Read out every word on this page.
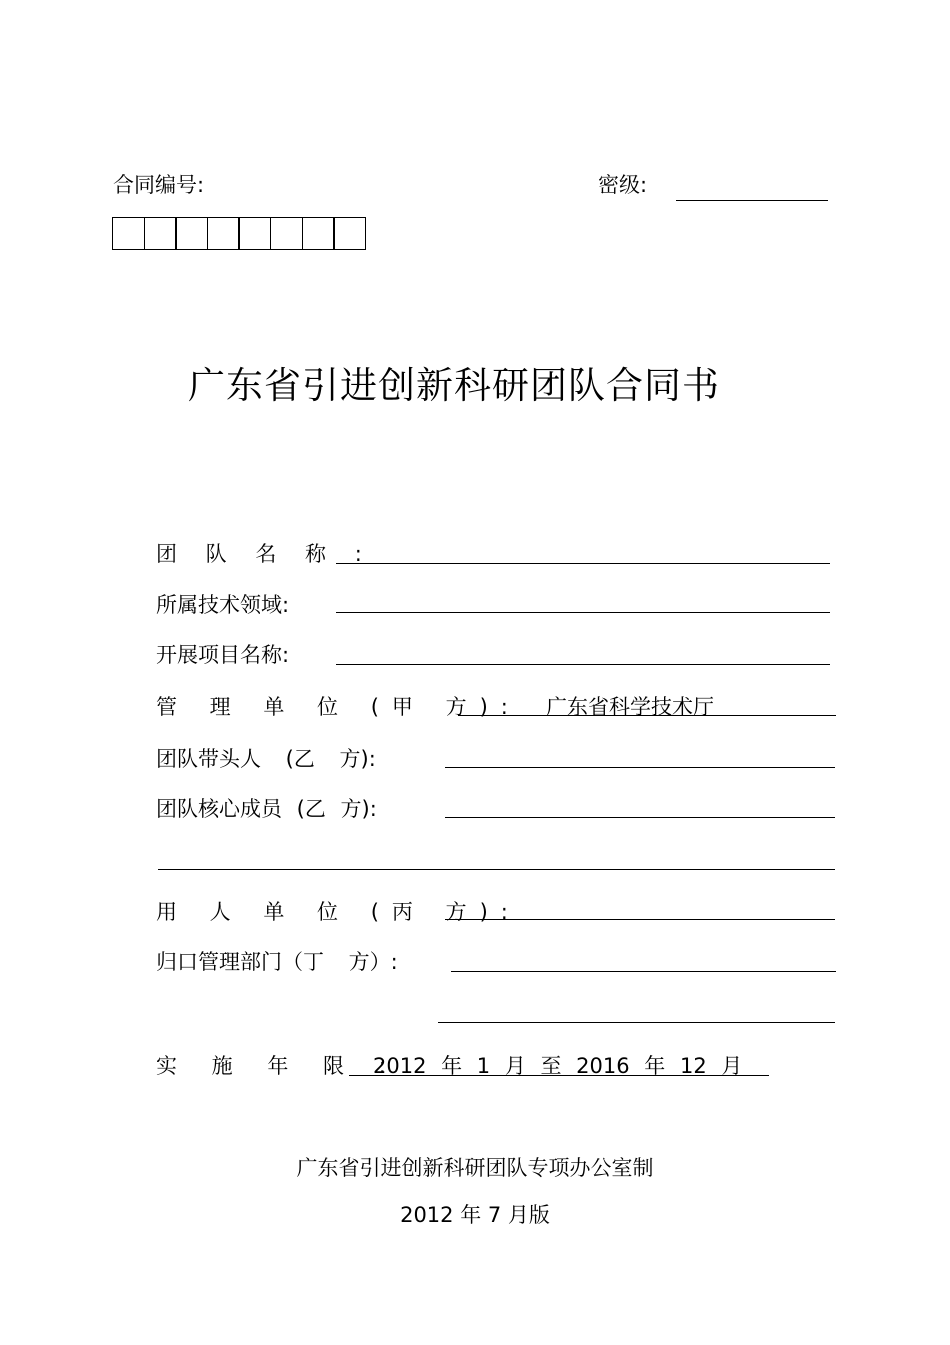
合同编号:	密级:
广东省引进创新科研团队合同书
团 队 名 称 :
所属技术领域:
开展项目名称:
管 理 单 位 (甲 方): 广东省科学技术厅
团队带头人 (乙 方):
团队核心成员 (乙 方):
用 人 单 位 (丙 方):
归口管理部门（丁 方）:
实 施 年 限 :
2012 年 1 月 至 2016 年 12 月
广东省引进创新科研团队专项办公室制
2012 年 7 月版
